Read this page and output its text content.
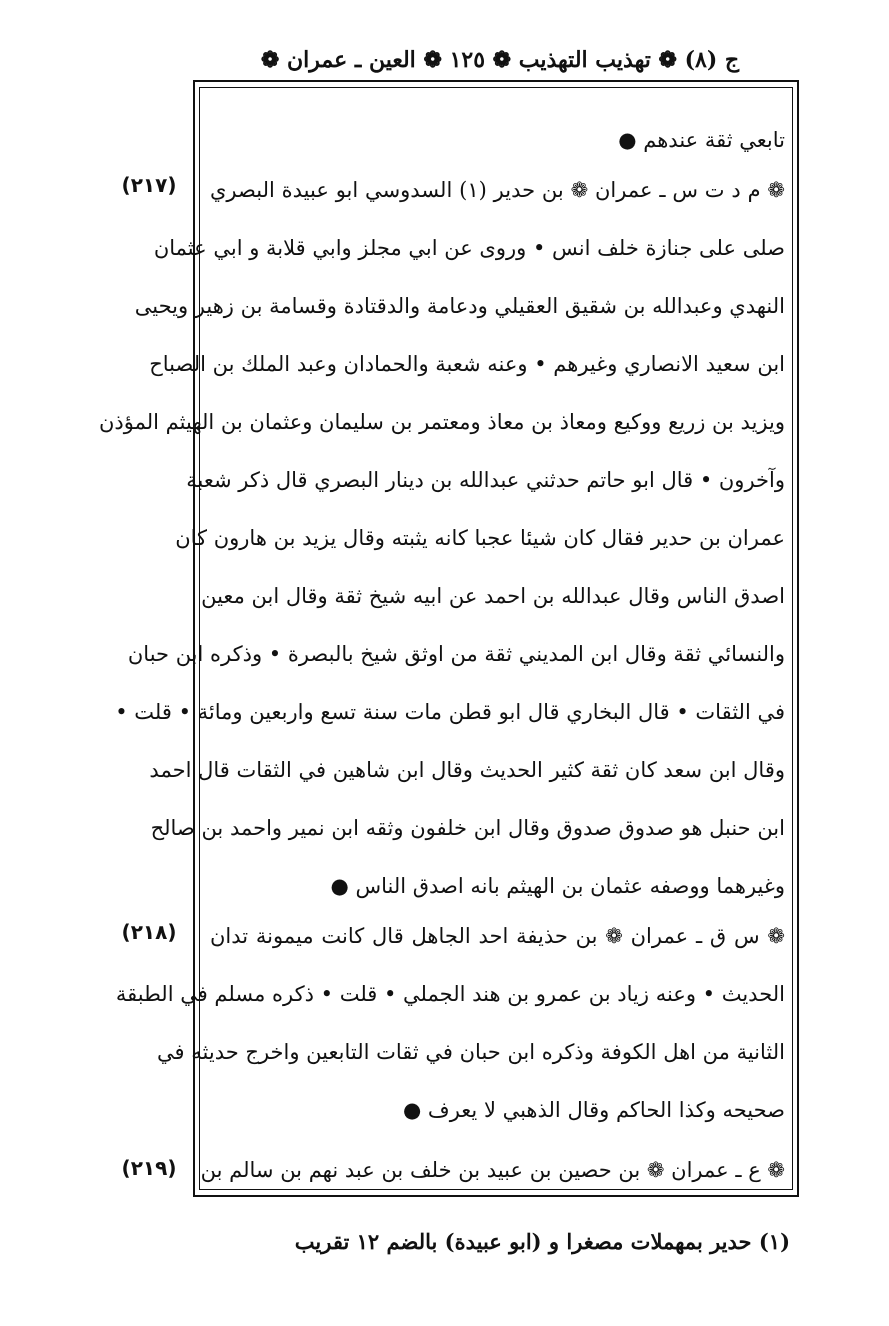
ج (٨) ❁ تهذيب التهذيب ❁ ١٢٥ ❁ العين ـ عمران ❁
تابعي ثقة عندهم ●
❁ م د ت س ـ عمران ❁ بن حدير (١) السدوسي ابو عبيدة البصري
صلى على جنازة خلف انس • وروى عن ابي مجلز وابي قلابة و ابي عثمان
النهدي وعبدالله بن شقيق العقيلي ودعامة والدقتادة وقسامة بن زهير ويحيى
ابن سعيد الانصاري وغيرهم • وعنه شعبة والحمادان وعبد الملك بن الصباح
ويزيد بن زريع ووكيع ومعاذ بن معاذ ومعتمر بن سليمان وعثمان بن الهيثم المؤذن
وآخرون • قال ابو حاتم حدثني عبدالله بن دينار البصري قال ذكر شعبة
عمران بن حدير فقال كان شيئا عجبا كانه يثبته وقال يزيد بن هارون كان
اصدق الناس وقال عبدالله بن احمد عن ابيه شيخ ثقة وقال ابن معين
والنسائي ثقة وقال ابن المديني ثقة من اوثق شيخ بالبصرة • وذكره ابن حبان
في الثقات • قال البخاري قال ابو قطن مات سنة تسع واربعين ومائة • قلت •
وقال ابن سعد كان ثقة كثير الحديث وقال ابن شاهين في الثقات قال احمد
ابن حنبل هو صدوق صدوق وقال ابن خلفون وثقه ابن نمير واحمد بن صالح
وغيرهما ووصفه عثمان بن الهيثم بانه اصدق الناس ●
❁ س ق ـ عمران ❁ بن حذيفة احد الجاهل قال كانت ميمونة تدان
الحديث • وعنه زياد بن عمرو بن هند الجملي • قلت • ذكره مسلم في الطبقة
الثانية من اهل الكوفة وذكره ابن حبان في ثقات التابعين واخرج حديثه في
صحيحه وكذا الحاكم وقال الذهبي لا يعرف ●
❁ ع ـ عمران ❁ بن حصين بن عبيد بن خلف بن عبد نهم بن سالم بن
(٢١٧)
(٢١٨)
(٢١٩)
(١) حدير بمهملات مصغرا و (ابو عبيدة) بالضم ١٢ تقريب
